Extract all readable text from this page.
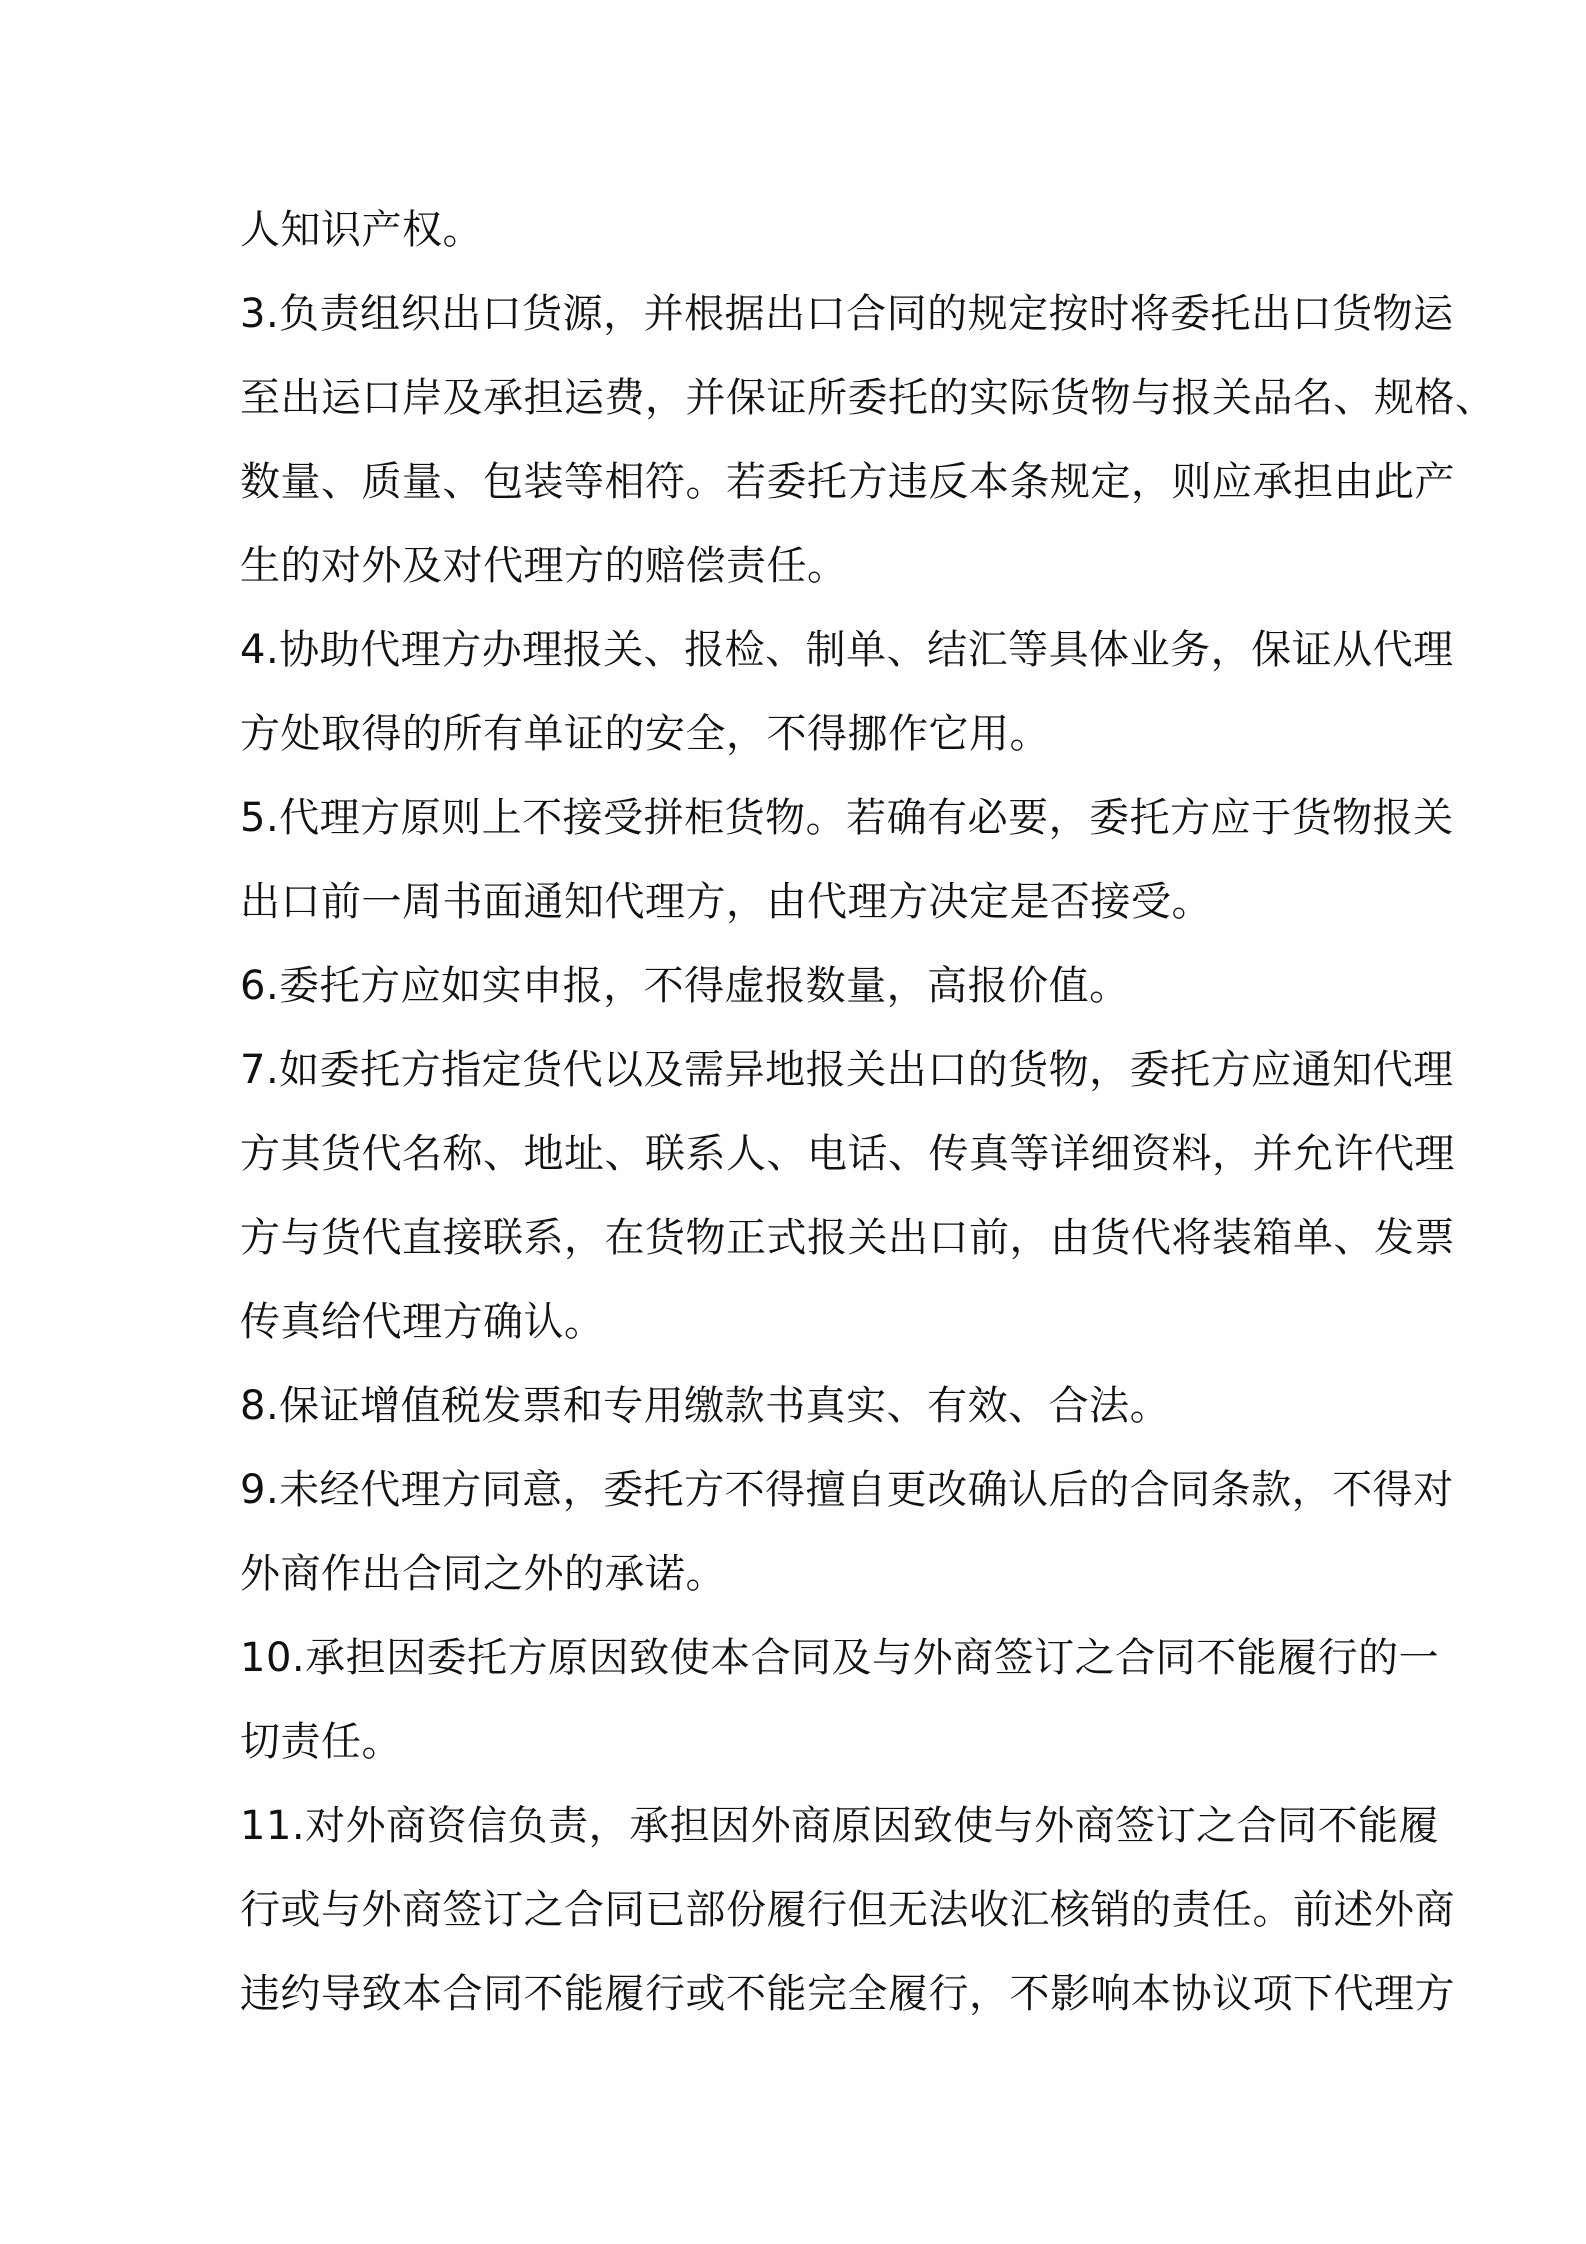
人知识产权。
3.负责组织出口货源，并根据出口合同的规定按时将委托出口货物运
至出运口岸及承担运费，并保证所委托的实际货物与报关品名、规格、
数量、质量、包装等相符。若委托方违反本条规定，则应承担由此产
生的对外及对代理方的赔偿责任。
4.协助代理方办理报关、报检、制单、结汇等具体业务，保证从代理
方处取得的所有单证的安全，不得挪作它用。
5.代理方原则上不接受拼柜货物。若确有必要，委托方应于货物报关
出口前一周书面通知代理方，由代理方决定是否接受。
6.委托方应如实申报，不得虚报数量，高报价值。
7.如委托方指定货代以及需异地报关出口的货物，委托方应通知代理
方其货代名称、地址、联系人、电话、传真等详细资料，并允许代理
方与货代直接联系，在货物正式报关出口前，由货代将装箱单、发票
传真给代理方确认。
8.保证增值税发票和专用缴款书真实、有效、合法。
9.未经代理方同意，委托方不得擅自更改确认后的合同条款，不得对
外商作出合同之外的承诺。
10.承担因委托方原因致使本合同及与外商签订之合同不能履行的一
切责任。
11.对外商资信负责，承担因外商原因致使与外商签订之合同不能履
行或与外商签订之合同已部份履行但无法收汇核销的责任。前述外商
违约导致本合同不能履行或不能完全履行，不影响本协议项下代理方
